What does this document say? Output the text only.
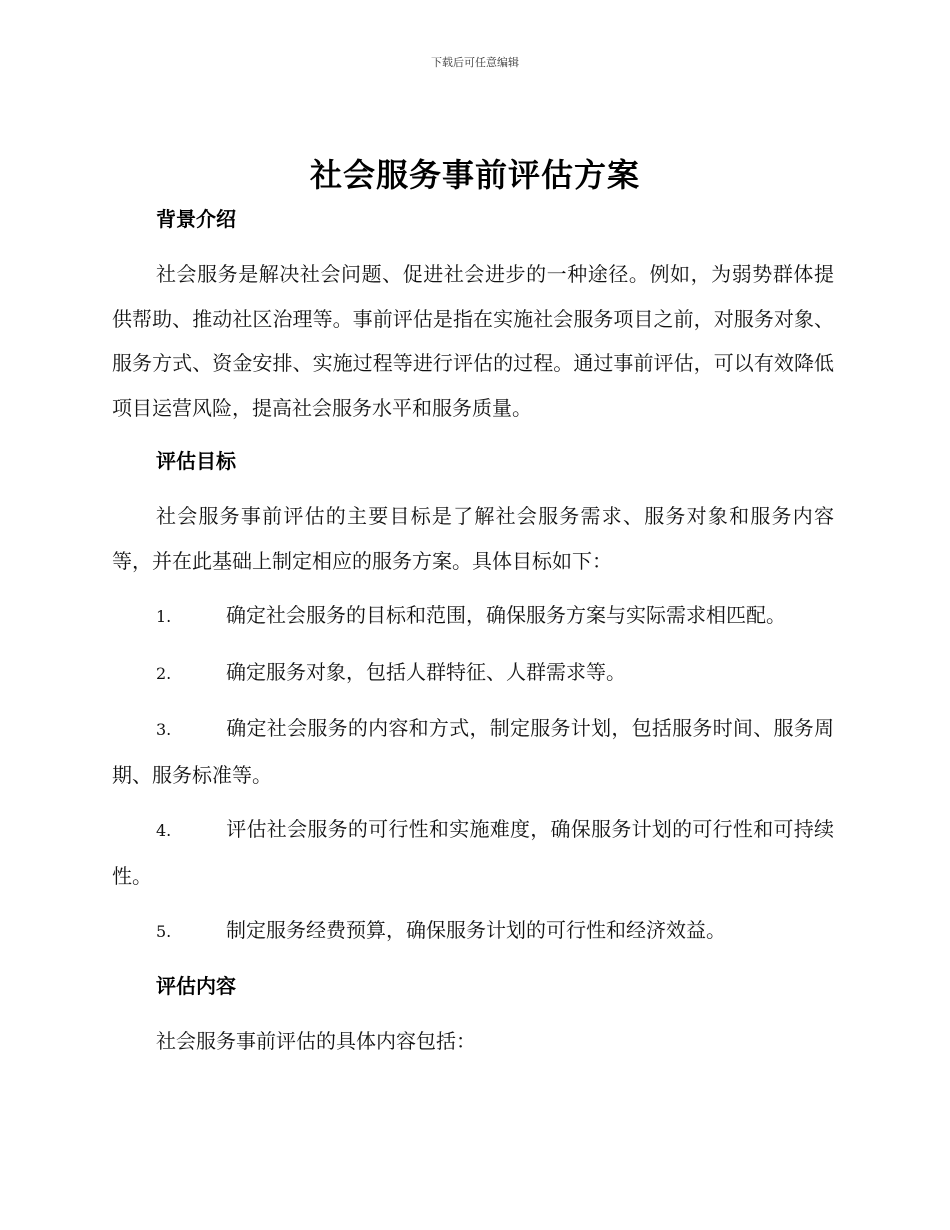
下载后可任意编辑
社会服务事前评估方案
背景介绍

社会服务是解决社会问题、促进社会进步的一种途径。例如，为弱势群体提供帮助、推动社区治理等。事前评估是指在实施社会服务项目之前，对服务对象、服务方式、资金安排、实施过程等进行评估的过程。通过事前评估，可以有效降低项目运营风险，提高社会服务水平和服务质量。

评估目标

社会服务事前评估的主要目标是了解社会服务需求、服务对象和服务内容等，并在此基础上制定相应的服务方案。具体目标如下：

1.	确定社会服务的目标和范围，确保服务方案与实际需求相匹配。
2.	确定服务对象，包括人群特征、人群需求等。
3.	确定社会服务的内容和方式，制定服务计划，包括服务时间、服务周期、服务标准等。
4.	评估社会服务的可行性和实施难度，确保服务计划的可行性和可持续性。
5.	制定服务经费预算，确保服务计划的可行性和经济效益。
评估内容

社会服务事前评估的具体内容包括：
